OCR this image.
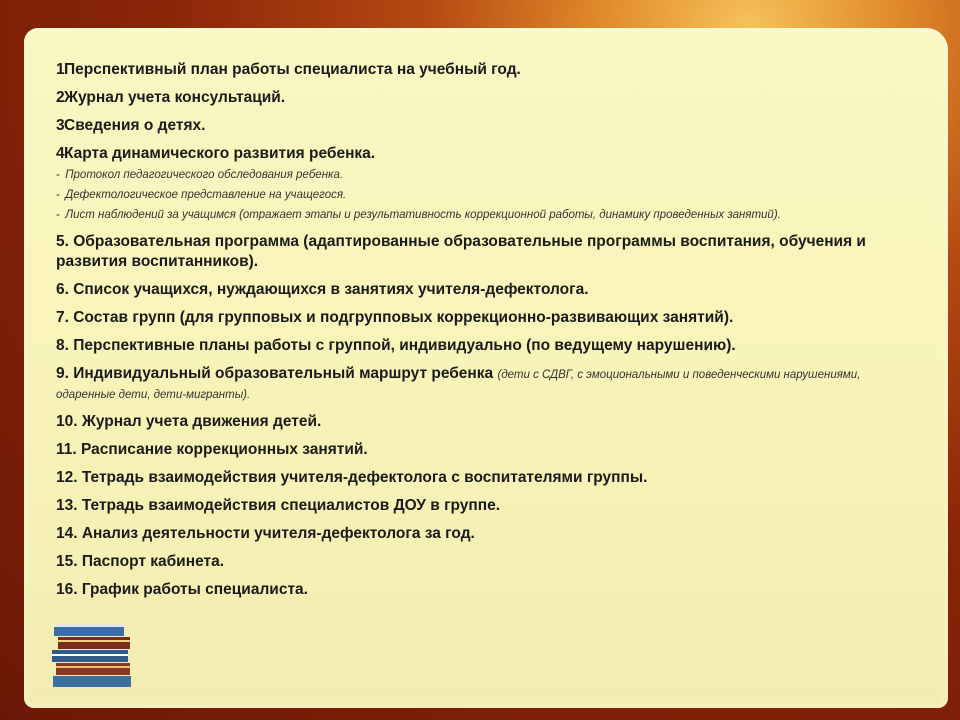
1Перспективный план работы специалиста на учебный год.
2Журнал учета консультаций.
3Сведения о детях.
4Карта динамического развития ребенка.
- Протокол педагогического обследования ребенка.
- Дефектологическое представление на учащегося.
- Лист наблюдений за учащимся (отражает этапы и результативность коррекционной работы, динамику проведенных занятий).
5. Образовательная программа (адаптированные образовательные программы воспитания, обучения и развития воспитанников).
6. Список учащихся, нуждающихся в занятиях учителя-дефектолога.
7. Состав групп (для групповых и подгрупповых коррекционно-развивающих занятий).
8. Перспективные планы работы с группой, индивидуально (по ведущему нарушению).
9. Индивидуальный образовательный маршрут ребенка (дети с СДВГ, с эмоциональными и поведенческими нарушениями, одаренные дети, дети-мигранты).
10. Журнал учета движения детей.
11. Расписание коррекционных занятий.
12. Тетрадь взаимодействия учителя-дефектолога с воспитателями группы.
13. Тетрадь взаимодействия специалистов ДОУ в группе.
14. Анализ деятельности учителя-дефектолога за год.
15. Паспорт кабинета.
16. График работы специалиста.
